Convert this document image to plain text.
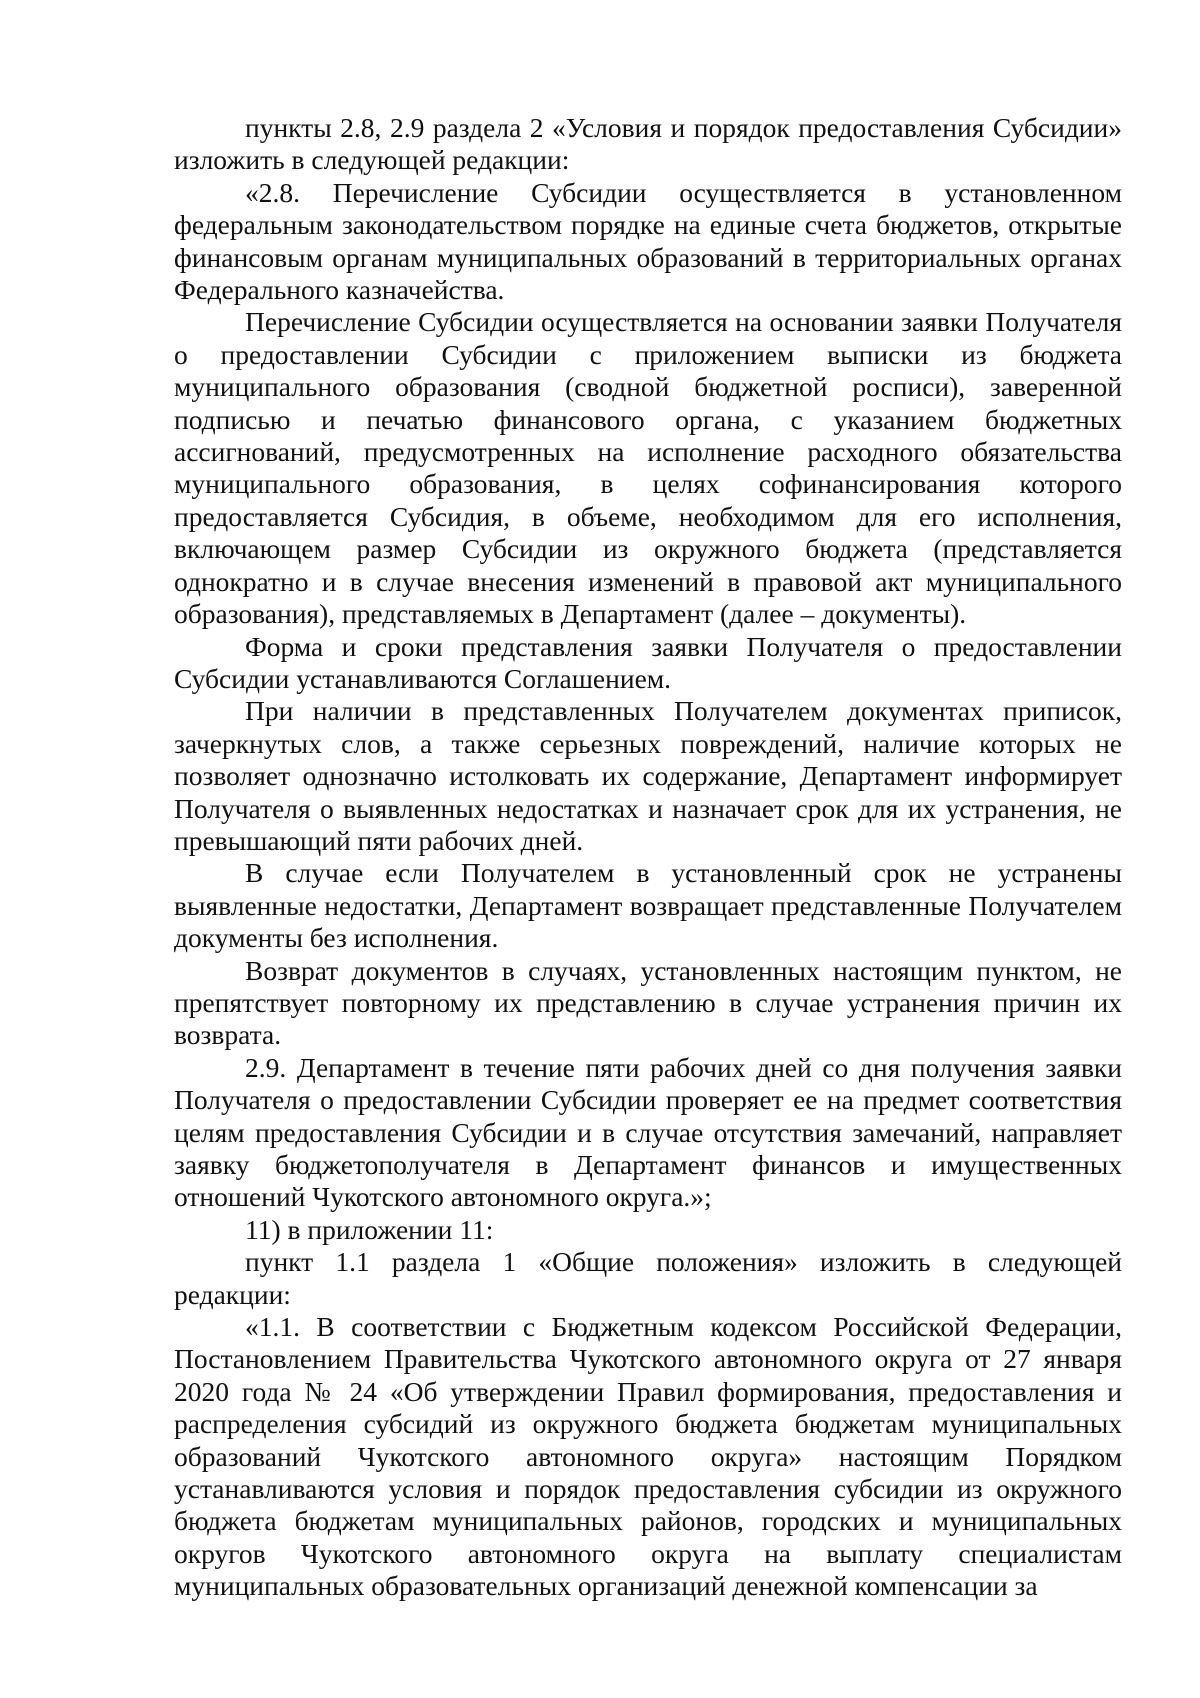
пункты 2.8, 2.9 раздела 2 «Условия и порядок предоставления Субсидии» изложить в следующей редакции:

«2.8. Перечисление Субсидии осуществляется в установленном федеральным законодательством порядке на единые счета бюджетов, открытые финансовым органам муниципальных образований в территориальных органах Федерального казначейства.

Перечисление Субсидии осуществляется на основании заявки Получателя о предоставлении Субсидии с приложением выписки из бюджета муниципального образования (сводной бюджетной росписи), заверенной подписью и печатью финансового органа, с указанием бюджетных ассигнований, предусмотренных на исполнение расходного обязательства муниципального образования, в целях софинансирования которого предоставляется Субсидия, в объеме, необходимом для его исполнения, включающем размер Субсидии из окружного бюджета (представляется однократно и в случае внесения изменений в правовой акт муниципального образования), представляемых в Департамент (далее – документы).

Форма и сроки представления заявки Получателя о предоставлении Субсидии устанавливаются Соглашением.

При наличии в представленных Получателем документах приписок, зачеркнутых слов, а также серьезных повреждений, наличие которых не позволяет однозначно истолковать их содержание, Департамент информирует Получателя о выявленных недостатках и назначает срок для их устранения, не превышающий пяти рабочих дней.

В случае если Получателем в установленный срок не устранены выявленные недостатки, Департамент возвращает представленные Получателем документы без исполнения.

Возврат документов в случаях, установленных настоящим пунктом, не препятствует повторному их представлению в случае устранения причин их возврата.

2.9. Департамент в течение пяти рабочих дней со дня получения заявки Получателя о предоставлении Субсидии проверяет ее на предмет соответствия целям предоставления Субсидии и в случае отсутствия замечаний, направляет заявку бюджетополучателя в Департамент финансов и имущественных отношений Чукотского автономного округа.»;

11) в приложении 11:

пункт 1.1 раздела 1 «Общие положения» изложить в следующей редакции:

«1.1. В соответствии с Бюджетным кодексом Российской Федерации, Постановлением Правительства Чукотского автономного округа от 27 января 2020 года № 24 «Об утверждении Правил формирования, предоставления и распределения субсидий из окружного бюджета бюджетам муниципальных образований Чукотского автономного округа» настоящим Порядком устанавливаются условия и порядок предоставления субсидии из окружного бюджета бюджетам муниципальных районов, городских и муниципальных округов Чукотского автономного округа на выплату специалистам муниципальных образовательных организаций денежной компенсации за
